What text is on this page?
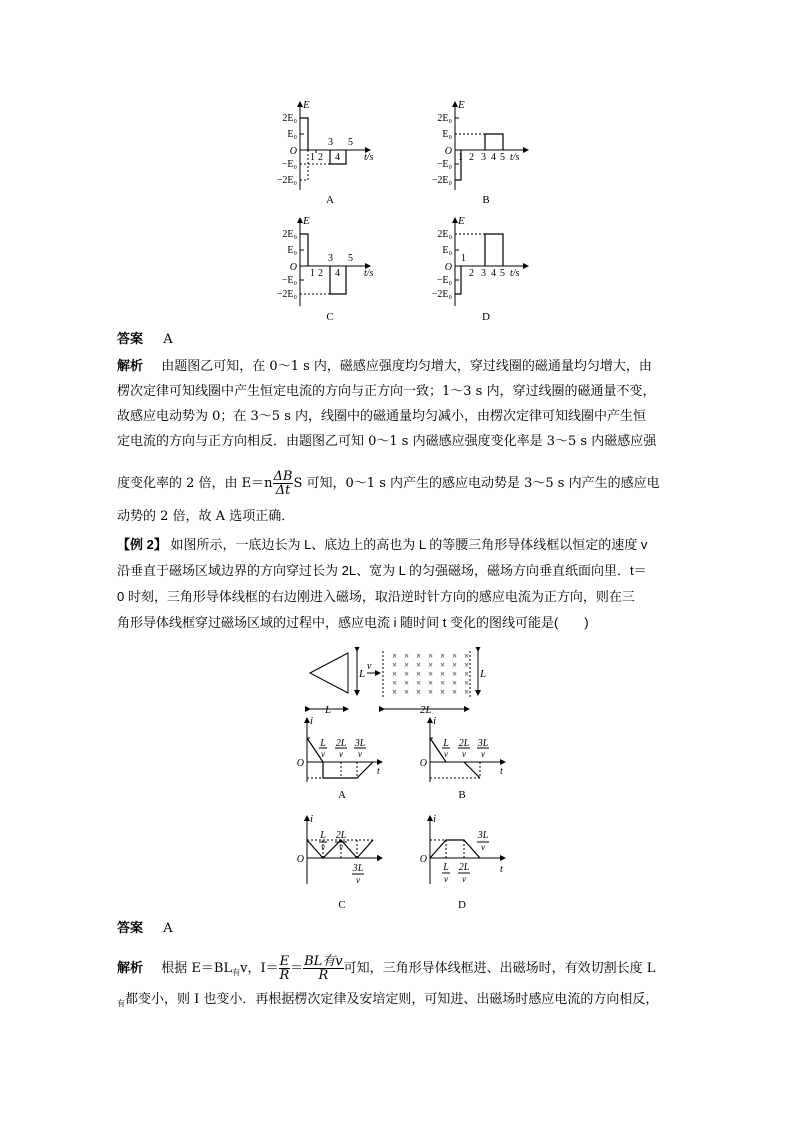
E
2E₀
E₀
O
−E₀
−2E₀
1 2
3
4
5
t/s
A
E
2E₀
E₀
O
−E₀
−2E₀
1 2 3 4 5 t/s
B
E
2E₀
E₀
O
−E₀
−2E₀
1 2
3
4
5
t/s
C
E
2E₀
E₀
O
−E₀
−2E₀
1
2 3 4 5 t/s
D
答案 A
解析 由题图乙可知，在 0～1 s 内，磁感应强度均匀增大，穿过线圈的磁通量均匀增大，由
楞次定律可知线圈中产生恒定电流的方向与正方向一致；1～3 s 内，穿过线圈的磁通量不变，
故感应电动势为 0；在 3～5 s 内，线圈中的磁通量均匀减小，由楞次定律可知线圈中产生恒
定电流的方向与正方向相反．由题图乙可知 0～1 s 内磁感应强度变化率是 3～5 s 内磁感应强
度变化率的 2 倍，由 $E=n \frac{\Delta B}{\Delta t}$ S 可知，0～1 s 内产生的感应电动势是 3～5 s 内产生的感应电
动势的 2 倍，故 A 选项正确．
【例 2】 如图所示，一底边长为 L、底边上的高也为 L 的等腰三角形导体线框以恒定的速度 v
沿垂直于磁场区域边界的方向穿过长为 2L、宽为 L 的匀强磁场，磁场方向垂直纸面向里．t＝
0 时刻，三角形导体线框的右边刚进入磁场，取沿逆时针方向的感应电流为正方向，则在三
角形导体线框穿过磁场区域的过程中，感应电流 i 随时间 t 变化的图线可能是(　　)
L
v
× × × × × × ×
× × × × × × ×
× × × × × × ×
× × × × × × ×
× × × × × × ×
L
L	2L
i
O
t
L
v
2L
v
3L
v
A
i
O
t
L
v
2L
v
3L
v
B
i
O	t
L
v
2L
v
3L
v
C
i
O
t
L
v
2L
v
3L
v
D
答案 A
解析 根据 $E=BL_有v$，$I= \frac{E}{R} = \frac{\text{BL有v}}{R}$ 可知，三角形导体线框进、出磁场时，有效切割长度 L
$_有$都变小，则 I 也变小．再根据楞次定律及安培定则，可知进、出磁场时感应电流的方向相反，
